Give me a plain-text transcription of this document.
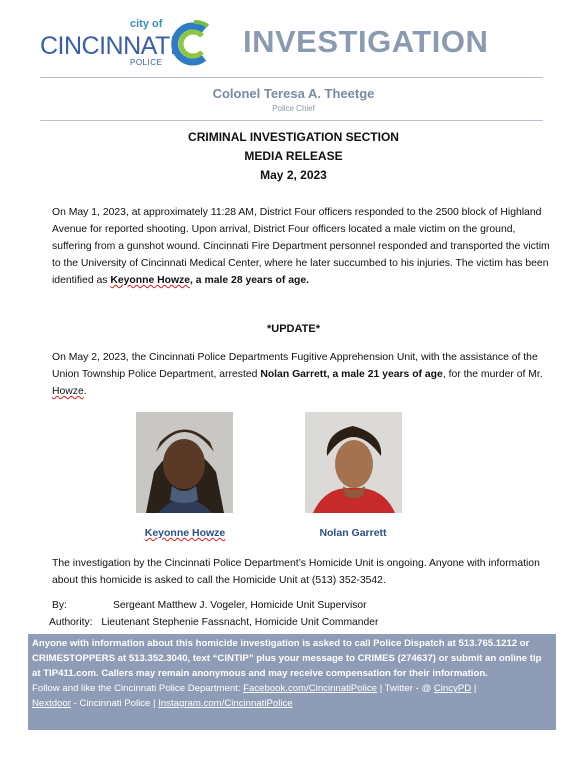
city of
CINCINNATI
POLICE
INVESTIGATION
Colonel Teresa A. Theetge
Police Chief
CRIMINAL INVESTIGATION SECTION
MEDIA RELEASE
May 2, 2023
On May 1, 2023, at approximately 11:28 AM, District Four officers responded to the 2500 block of Highland Avenue for reported shooting. Upon arrival, District Four officers located a male victim on the ground, suffering from a gunshot wound. Cincinnati Fire Department personnel responded and transported the victim to the University of Cincinnati Medical Center, where he later succumbed to his injuries. The victim has been identified as Keyonne Howze, a male 28 years of age.
*UPDATE*
On May 2, 2023, the Cincinnati Police Departments Fugitive Apprehension Unit, with the assistance of the Union Township Police Department, arrested Nolan Garrett, a male 21 years of age, for the murder of Mr. Howze.
Keyonne Howze	Nolan Garrett
The investigation by the Cincinnati Police Department’s Homicide Unit is ongoing. Anyone with information about this homicide is asked to call the Homicide Unit at (513) 352-3542.
By:	Sergeant Matthew J. Vogeler, Homicide Unit Supervisor
Authority: Lieutenant Stephenie Fassnacht, Homicide Unit Commander
Anyone with information about this homicide investigation is asked to call Police Dispatch at 513.765.1212 or CRIMESTOPPERS at 513.352.3040, text “CINTIP” plus your message to CRIMES (274637) or submit an online tip at TIP411.com. Callers may remain anonymous and may receive compensation for their information.
Follow and like the Cincinnati Police Department: Facebook.com/CincinnatiPolice | Twitter - @ CincyPD |
Nextdoor - Cincinnati Police | Instagram.com/CincinnatiPolice
